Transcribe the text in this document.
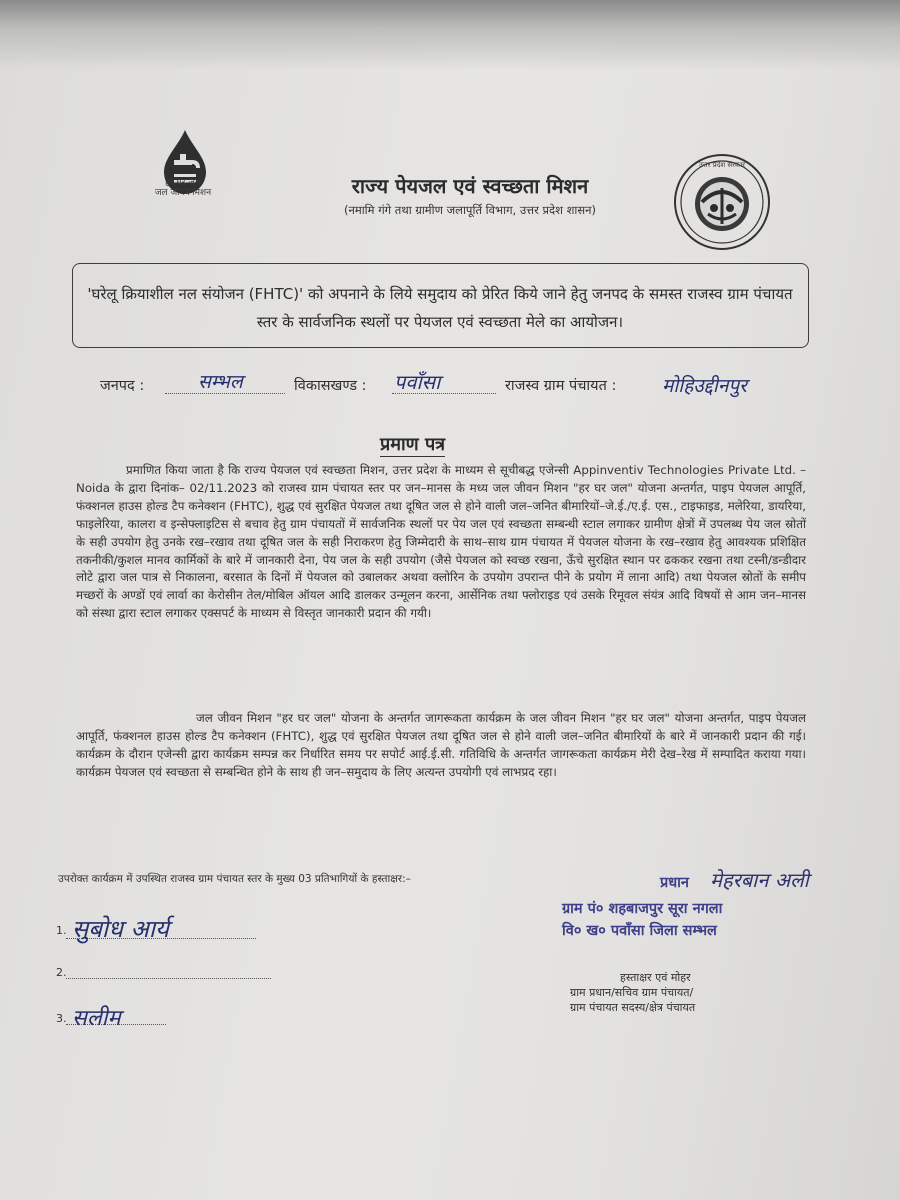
हर घर जल
जल जीवन मिशन	राज्य पेयजल एवं स्वच्छता मिशन
(नमामि गंगे तथा ग्रामीण जलापूर्ति विभाग, उत्तर प्रदेश शासन)
उत्तर प्रदेश सरकार
'घरेलू क्रियाशील नल संयोजन (FHTC)' को अपनाने के लिये समुदाय को प्रेरित किये जाने हेतु जनपद के समस्त राजस्व ग्राम पंचायत स्तर के सार्वजनिक स्थलों पर पेयजल एवं स्वच्छता मेले का आयोजन।
जनपद :	सम्भल	विकासखण्ड : पवाँसा	राजस्व ग्राम पंचायत : मोहिउद्दीनपुर
प्रमाण पत्र
प्रमाणित किया जाता है कि राज्य पेयजल एवं स्वच्छता मिशन, उत्तर प्रदेश के माध्यम से सूचीबद्ध एजेन्सी Appinventiv Technologies Private Ltd. – Noida के द्वारा दिनांक– 02/11.2023 को राजस्व ग्राम पंचायत स्तर पर जन–मानस के मध्य जल जीवन मिशन "हर घर जल" योजना अन्तर्गत, पाइप पेयजल आपूर्ति, फंक्शनल हाउस होल्ड टैप कनेक्शन (FHTC), शुद्ध एवं सुरक्षित पेयजल तथा दूषित जल से होने वाली जल–जनित बीमारियों–जे.ई./ए.ई. एस., टाइफाइड, मलेरिया, डायरिया, फाइलेरिया, कालरा व इन्सेफ्लाइटिस से बचाव हेतु ग्राम पंचायतों में सार्वजनिक स्थलों पर पेय जल एवं स्वच्छता सम्बन्धी स्टाल लगाकर ग्रामीण क्षेत्रों में उपलब्ध पेय जल स्रोतों के सही उपयोग हेतु उनके रख–रखाव तथा दूषित जल के सही निराकरण हेतु जिम्मेदारी के साथ–साथ ग्राम पंचायत में पेयजल योजना के रख–रखाव हेतु आवश्यक प्रशिक्षित तकनीकी/कुशल मानव कार्मिकों के बारे में जानकारी देना, पेय जल के सही उपयोग (जैसे पेयजल को स्वच्छ रखना, ऊँचे सुरक्षित स्थान पर ढककर रखना तथा टस्नी/डन्डीदार लोटे द्वारा जल पात्र से निकालना, बरसात के दिनों में पेयजल को उबालकर अथवा क्लोरिन के उपयोग उपरान्त पीने के प्रयोग में लाना आदि) तथा पेयजल स्रोतों के समीप मच्छरों के अण्डों एवं लार्वा का केरोसीन तेल/मोबिल ऑयल आदि डालकर उन्मूलन करना, आर्सेनिक तथा फ्लोराइड एवं उसके रिमूवल संयंत्र आदि विषयों से आम जन–मानस को संस्था द्वारा स्टाल लगाकर एक्सपर्ट के माध्यम से विस्तृत जानकारी प्रदान की गयी।
जल जीवन मिशन "हर घर जल" योजना के अन्तर्गत जागरूकता कार्यक्रम के जल जीवन मिशन "हर घर जल" योजना अन्तर्गत, पाइप पेयजल आपूर्ति, फंक्शनल हाउस होल्ड टैप कनेक्शन (FHTC), शुद्ध एवं सुरक्षित पेयजल तथा दूषित जल से होने वाली जल–जनित बीमारियों के बारे में जानकारी प्रदान की गई। कार्यक्रम के दौरान एजेन्सी द्वारा कार्यक्रम सम्पन्न कर निर्धारित समय पर सपोर्ट आई.ई.सी. गतिविधि के अन्तर्गत जागरूकता कार्यक्रम मेरी देख–रेख में सम्पादित कराया गया। कार्यक्रम पेयजल एवं स्वच्छता से सम्बन्धित होने के साथ ही जन–समुदाय के लिए अत्यन्त उपयोगी एवं लाभप्रद रहा।
उपरोक्त कार्यक्रम में उपस्थित राजस्व ग्राम पंचायत स्तर के मुख्य 03 प्रतिभागियों के हस्ताक्षर:–
1. सुबोध आर्य
2.
3. सलीम
प्रधान मेहरबान अली
ग्राम पं० शहबाजपुर सूरा नगला
वि० ख० पवाँसा जिला सम्भल
हस्ताक्षर एवं मोहर
ग्राम प्रधान/सचिव ग्राम पंचायत/
ग्राम पंचायत सदस्य/क्षेत्र पंचायत
